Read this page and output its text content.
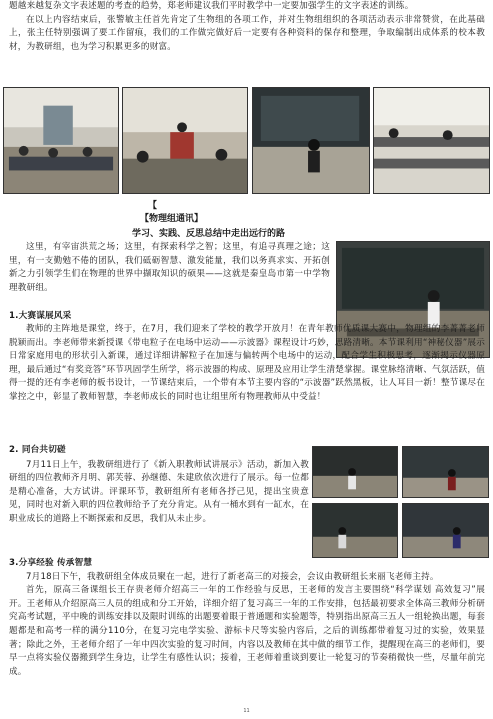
题越来越复杂文字表述题的考查的趋势，郑老师建议我们平时教学中一定要加强学生的文字表述的训练。

在以上内容结束后，张警敏主任首先肯定了生物组的各项工作，并对生物组组织的各项活动表示非常赞赏，在此基础上，张主任特别强调了要工作留痕，我们的工作做完做好后一定要有各种资料的保存和整理，争取编制出成体系的校本教材，为教研组，也为学习积累更多的财富。

【
【物理组通讯】
学习、实践、反思总结中走出远行的路

这里，有宰宙洪荒之场；这里，有探索科学之智；这里，有追寻真理之途；这里，有一支勤勉不倦的团队，我们砥砺智慧、激发能量，我们以务真求实、开拓创新之力引领学生们在物理的世界中撷取知识的硕果——这就是秦皇岛市第一中学物理教研组。

1.大赛谋展风采

教师的主阵地是课堂，终于，在7月，我们迎来了学校的教学开放月！在青年教师优质课大赛中，物理组的李菁菁老师脱颖而出。李老师带来新授课《带电粒子在电场中运动——示波器》课程设计巧妙，思路清晰。本节课利用“神秘仪器”展示日常家庭用电的形状引入新课，通过详细讲解粒子在加速与偏转两个电场中的运动，配合学生积极思考，逐渐揭示仪器原理，最后通过“有奖竞答”环节巩固学生所学，将示波器的构成、原理及应用让学生清楚掌握。课堂脉络清晰、气氛活跃，值得一提的还有李老师的板书设计，一节课结束后，一个带有本节主要内容的“示波器”跃然黑板，让人耳目一新！整节课尽在掌控之中，彰显了教师智慧，李老师成长的同时也让组里所有物理教师从中受益！

2. 同台共切磋

7月11日上午，我教研组进行了《新入职教师试讲展示》活动，新加入教研组的四位教师齐月明、郭芙蓉、孙继德、朱建欣依次进行了展示。每一位都是精心准备，大方试讲。评课环节，教研组所有老师各抒己见，提出宝贵意见，同时也对新入职的四位教师给予了充分肯定。从有一桶水到有一缸水，在职业成长的道路上不断探索和反思，我们从未止步。

3.分享经验 传承智慧

7月18日下午，我教研组全体成员聚在一起，进行了新老高三的对接会，会议由教研组长来丽飞老师主持。

首先，原高三备课组长王存贵老师介绍高三一年的工作经验与反思，王老师的发言主要围绕“科学谋划 高效复习”展开。王老师从介绍原高三人员的组成和分工开始，详细介绍了复习高三一年的工作安排，包括最初要求全体高三教师分析研究高考试题，平中晚的训练安排以及限时训练的出题要着眼于普通题和实验题等，特别指出原高三五人一组轮换出题，每套题都是和高考一样的满分110分，在复习完电学实验、游标卡尺等实验内容后，之后的训练都带着复习过的实验，效果显著；除此之外，王老师介绍了一年中四次实验的复习时间，内容以及教师在其中做的细节工作，提醒现在高三的老师们，要早一点将实验仪器搬到学生身边，让学生有感性认识；接着，王老师着重谈到要让一轮复习的节奏稍微快一些，尽量年前完成。

11
